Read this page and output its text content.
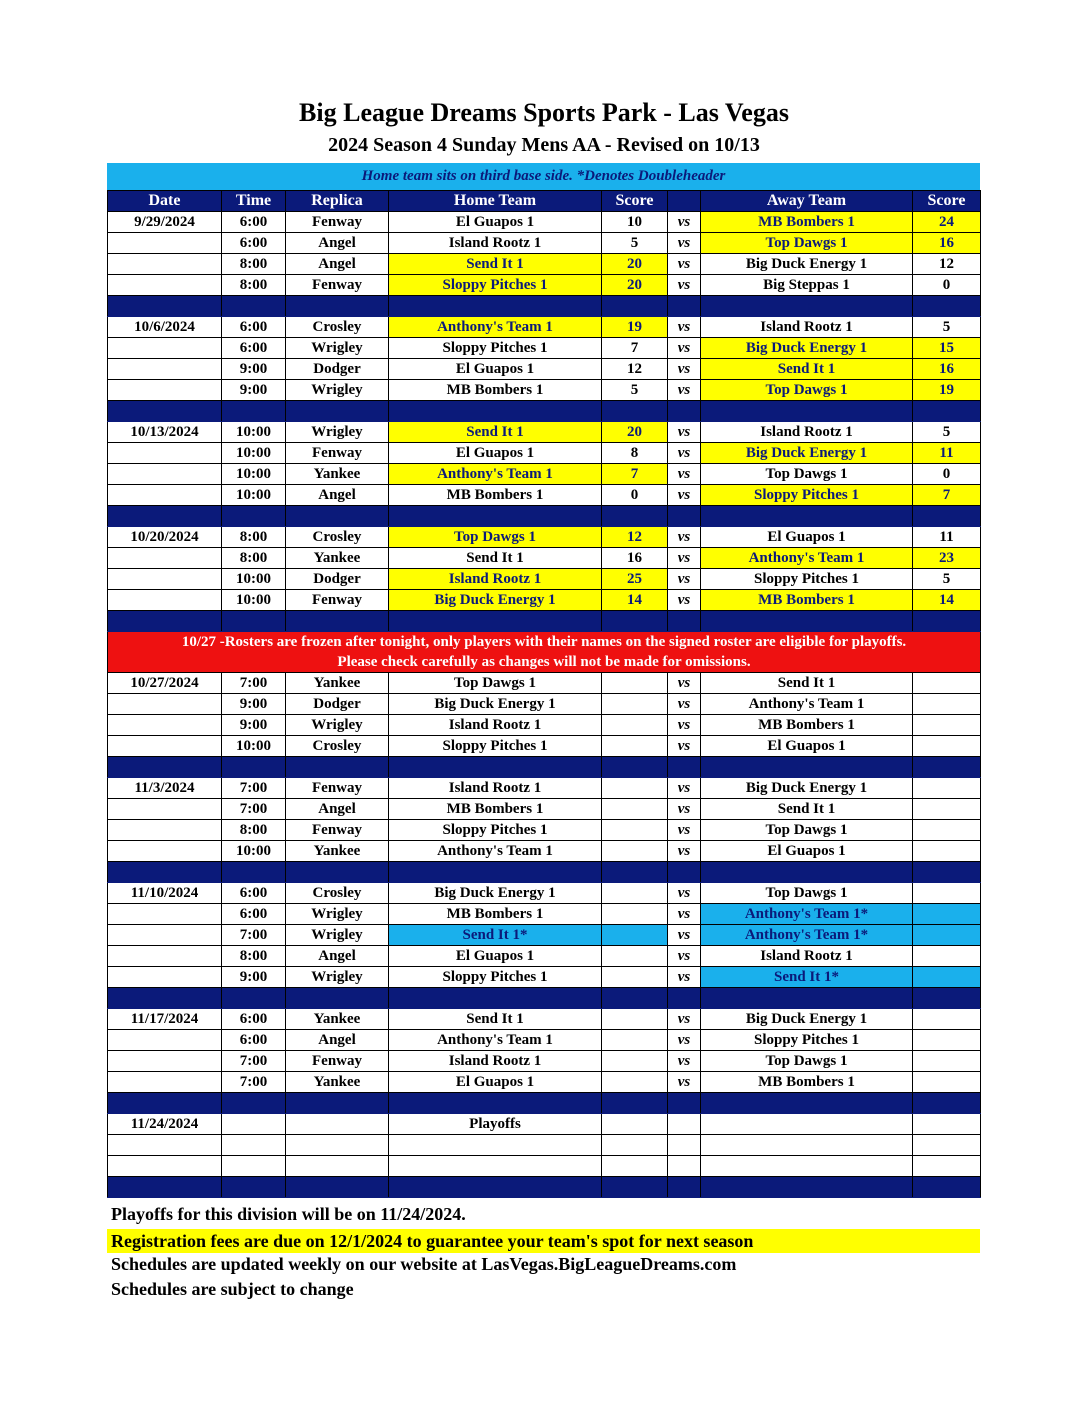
Big League Dreams Sports Park - Las Vegas
2024 Season 4 Sunday Mens AA - Revised on 10/13
Home team sits on third base side. *Denotes Doubleheader
Date	Time	Replica	Home Team	Score		Away Team	Score
9/29/2024	6:00	Fenway	El Guapos 1	10	vs	MB Bombers 1	24
	6:00	Angel	Island Rootz 1	5	vs	Top Dawgs 1	16
	8:00	Angel	Send It 1	20	vs	Big Duck Energy 1	12
	8:00	Fenway	Sloppy Pitches 1	20	vs	Big Steppas 1	0

10/6/2024	6:00	Crosley	Anthony's Team 1	19	vs	Island Rootz 1	5
	6:00	Wrigley	Sloppy Pitches 1	7	vs	Big Duck Energy 1	15
	9:00	Dodger	El Guapos 1	12	vs	Send It 1	16
	9:00	Wrigley	MB Bombers 1	5	vs	Top Dawgs 1	19

10/13/2024	10:00	Wrigley	Send It 1	20	vs	Island Rootz 1	5
	10:00	Fenway	El Guapos 1	8	vs	Big Duck Energy 1	11
	10:00	Yankee	Anthony's Team 1	7	vs	Top Dawgs 1	0
	10:00	Angel	MB Bombers 1	0	vs	Sloppy Pitches 1	7

10/20/2024	8:00	Crosley	Top Dawgs 1	12	vs	El Guapos 1	11
	8:00	Yankee	Send It 1	16	vs	Anthony's Team 1	23
	10:00	Dodger	Island Rootz 1	25	vs	Sloppy Pitches 1	5
	10:00	Fenway	Big Duck Energy 1	14	vs	MB Bombers 1	14

10/27 -Rosters are frozen after tonight, only players with their names on the signed roster are eligible for playoffs.
Please check carefully as changes will not be made for omissions.							

10/27/2024	7:00	Yankee	Top Dawgs 1		vs	Send It 1	
	9:00	Dodger	Big Duck Energy 1		vs	Anthony's Team 1	
	9:00	Wrigley	Island Rootz 1		vs	MB Bombers 1	
	10:00	Crosley	Sloppy Pitches 1		vs	El Guapos 1	

11/3/2024	7:00	Fenway	Island Rootz 1		vs	Big Duck Energy 1	
	7:00	Angel	MB Bombers 1		vs	Send It 1	
	8:00	Fenway	Sloppy Pitches 1		vs	Top Dawgs 1	
	10:00	Yankee	Anthony's Team 1		vs	El Guapos 1	

11/10/2024	6:00	Crosley	Big Duck Energy 1		vs	Top Dawgs 1	
	6:00	Wrigley	MB Bombers 1		vs	Anthony's Team 1*	
	7:00	Wrigley	Send It 1*		vs	Anthony's Team 1*	
	8:00	Angel	El Guapos 1		vs	Island Rootz 1	
	9:00	Wrigley	Sloppy Pitches 1		vs	Send It 1*	

11/17/2024	6:00	Yankee	Send It 1		vs	Big Duck Energy 1	
	6:00	Angel	Anthony's Team 1		vs	Sloppy Pitches 1	
	7:00	Fenway	Island Rootz 1		vs	Top Dawgs 1	
	7:00	Yankee	El Guapos 1		vs	MB Bombers 1	

11/24/2024			Playoffs				

Playoffs for this division will be on 11/24/2024.
Registration fees are due on 12/1/2024 to guarantee your team's spot for next season
Schedules are updated weekly on our website at LasVegas.BigLeagueDreams.com
Schedules are subject to change
